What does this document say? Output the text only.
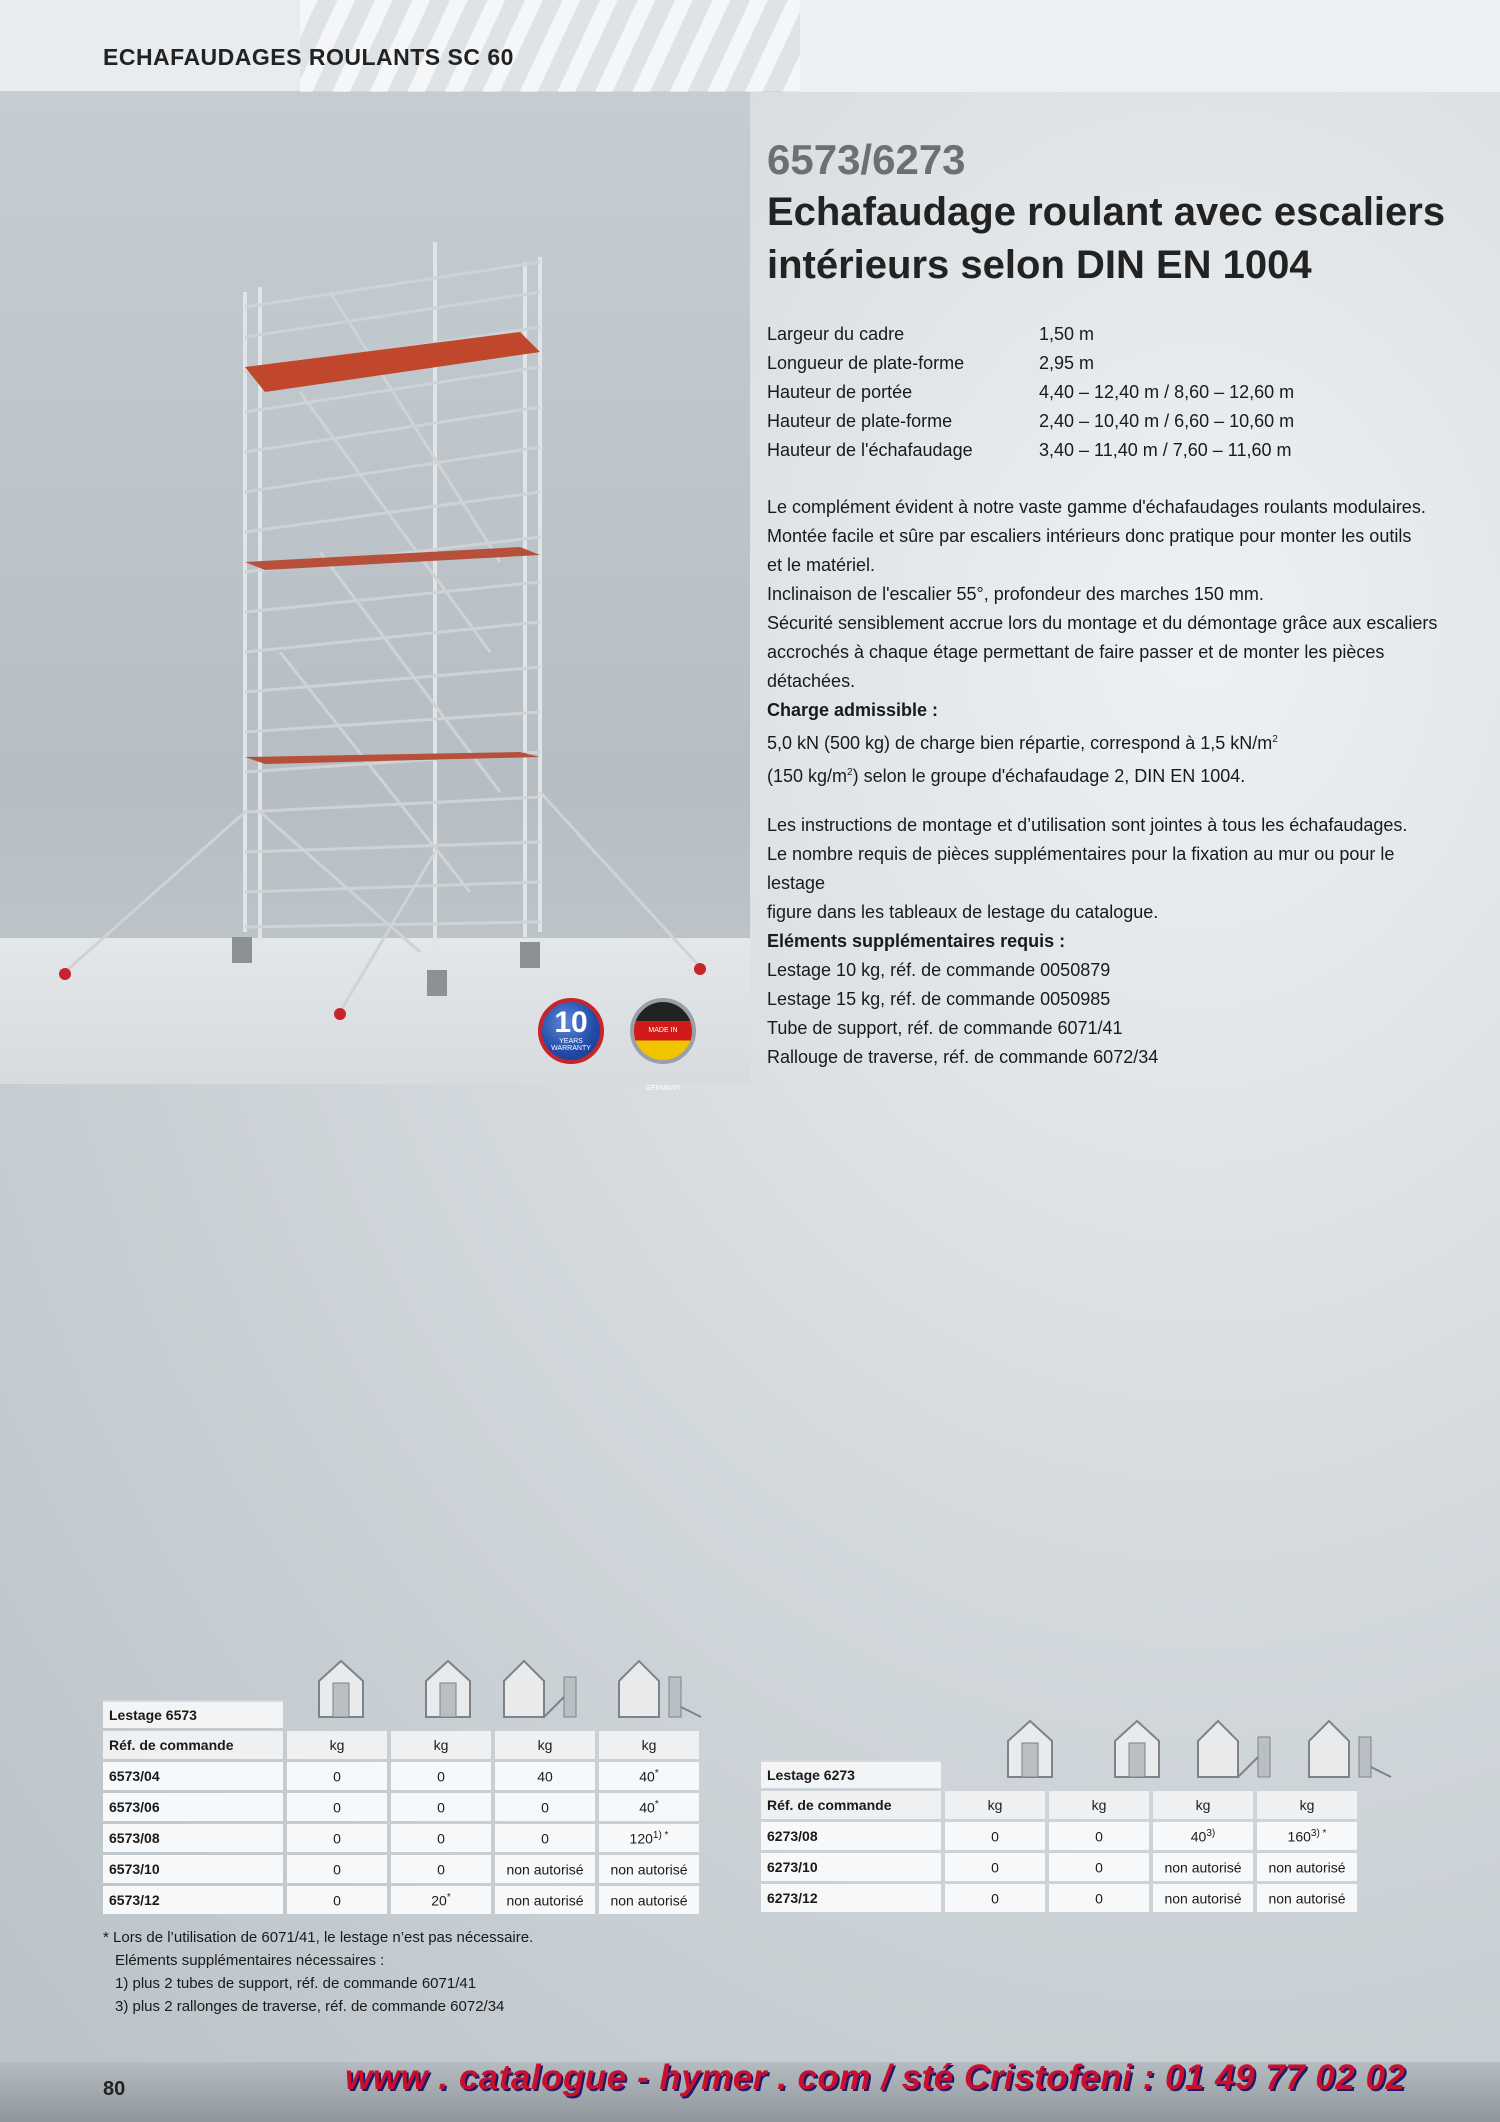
ECHAFAUDAGES ROULANTS SC 60
10
YEARS WARRANTY
MADE IN GERMANY
6573/6273
Echafaudage roulant avec escaliers
intérieurs selon DIN EN 1004
Largeur du cadre	1,50 m
Longueur de plate-forme	2,95 m
Hauteur de portée	4,40 – 12,40 m / 8,60 – 12,60 m
Hauteur de plate-forme	2,40 – 10,40 m / 6,60 – 10,60 m
Hauteur de l'échafaudage	3,40 – 11,40 m / 7,60 – 11,60 m
Le complément évident à notre vaste gamme d'échafaudages roulants modulaires.
Montée facile et sûre par escaliers intérieurs donc pratique pour monter les outils
et le matériel.
Inclinaison de l'escalier 55°, profondeur des marches 150 mm.
Sécurité sensiblement accrue lors du montage et du démontage grâce aux escaliers
accrochés à chaque étage permettant de faire passer et de monter les pièces détachées.
Charge admissible :
5,0 kN (500 kg) de charge bien répartie, correspond à 1,5 $kN/m^2$
(150 $kg/m^2$) selon le groupe d'échafaudage 2, DIN EN 1004.
Les instructions de montage et d’utilisation sont jointes à tous les échafaudages.
Le nombre requis de pièces supplémentaires pour la fixation au mur ou pour le lestage
figure dans les tableaux de lestage du catalogue.
Eléments supplémentaires requis :
Lestage 10 kg, réf. de commande 0050879
Lestage 15 kg, réf. de commande 0050985
Tube de support, réf. de commande 6071/41
Rallouge de traverse, réf. de commande 6072/34
Lestage 6573				
Réf. de commande	kg	kg	kg	kg
6573/04	0	0	40	40*
6573/06	0	0	0	40*
6573/08	0	0	0	$120^{1) *}$
6573/10	0	0	non autorisé	non autorisé
6573/12	0	20*	non autorisé	non autorisé
Lestage 6273				
Réf. de commande	kg	kg	kg	kg
6273/08	0	0	40$^{3)}$	$160^{3) *}$
6273/10	0	0	non autorisé	non autorisé
6273/12	0	0	non autorisé	non autorisé
* Lors de l’utilisation de 6071/41, le lestage n’est pas nécessaire.
Eléments supplémentaires nécessaires :
1) plus 2 tubes de support, réf. de commande 6071/41
3) plus 2 rallonges de traverse, réf. de commande 6072/34
80	www . catalogue - hymer . com / sté Cristofeni : 01 49 77 02 02
